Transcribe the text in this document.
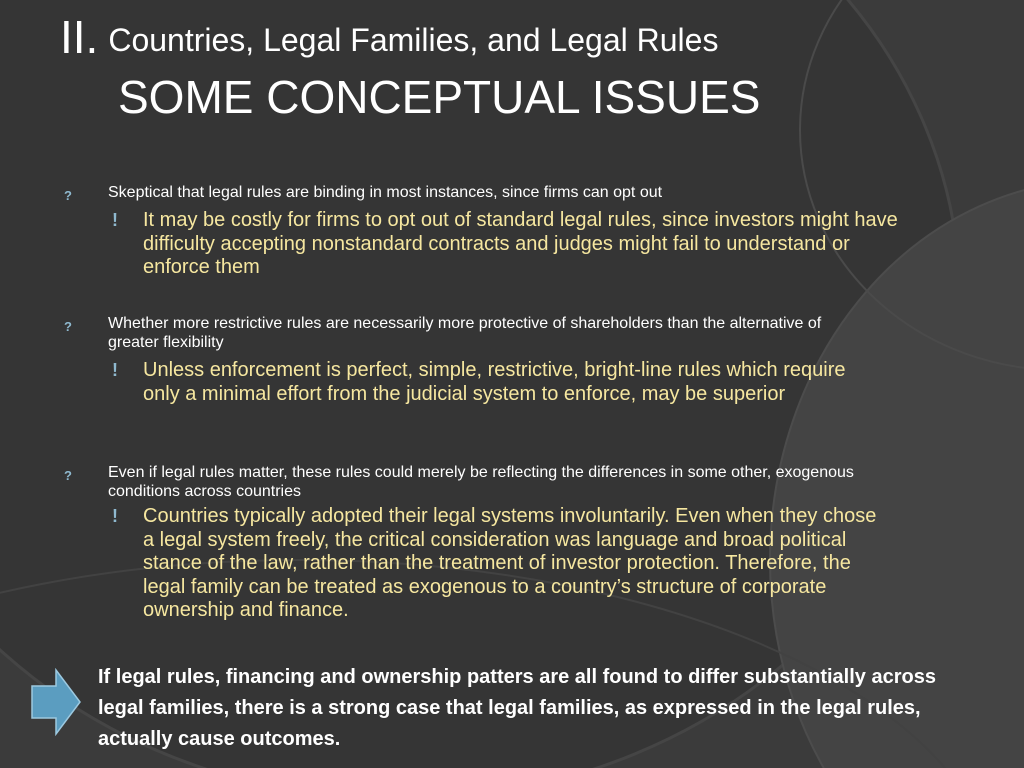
II. Countries, Legal Families, and Legal Rules
SOME CONCEPTUAL ISSUES
? Skeptical that legal rules are binding in most instances, since firms can opt out
! It may be costly for firms to opt out of standard legal rules, since investors might have difficulty accepting nonstandard contracts and judges might fail to understand or enforce them
? Whether more restrictive rules are necessarily more protective of shareholders than the alternative of greater flexibility
! Unless enforcement is perfect, simple, restrictive, bright-line rules which require only a minimal effort from the judicial system to enforce, may be superior
? Even if legal rules matter, these rules could merely be reflecting the differences in some other, exogenous conditions across countries
! Countries typically adopted their legal systems involuntarily. Even when they chose a legal system freely, the critical consideration was language and broad political stance of the law, rather than the treatment of investor protection. Therefore, the legal family can be treated as exogenous to a country’s structure of corporate ownership and finance.
If legal rules, financing and ownership patters are all found to differ substantially across legal families, there is a strong case that legal families, as expressed in the legal rules, actually cause outcomes.
